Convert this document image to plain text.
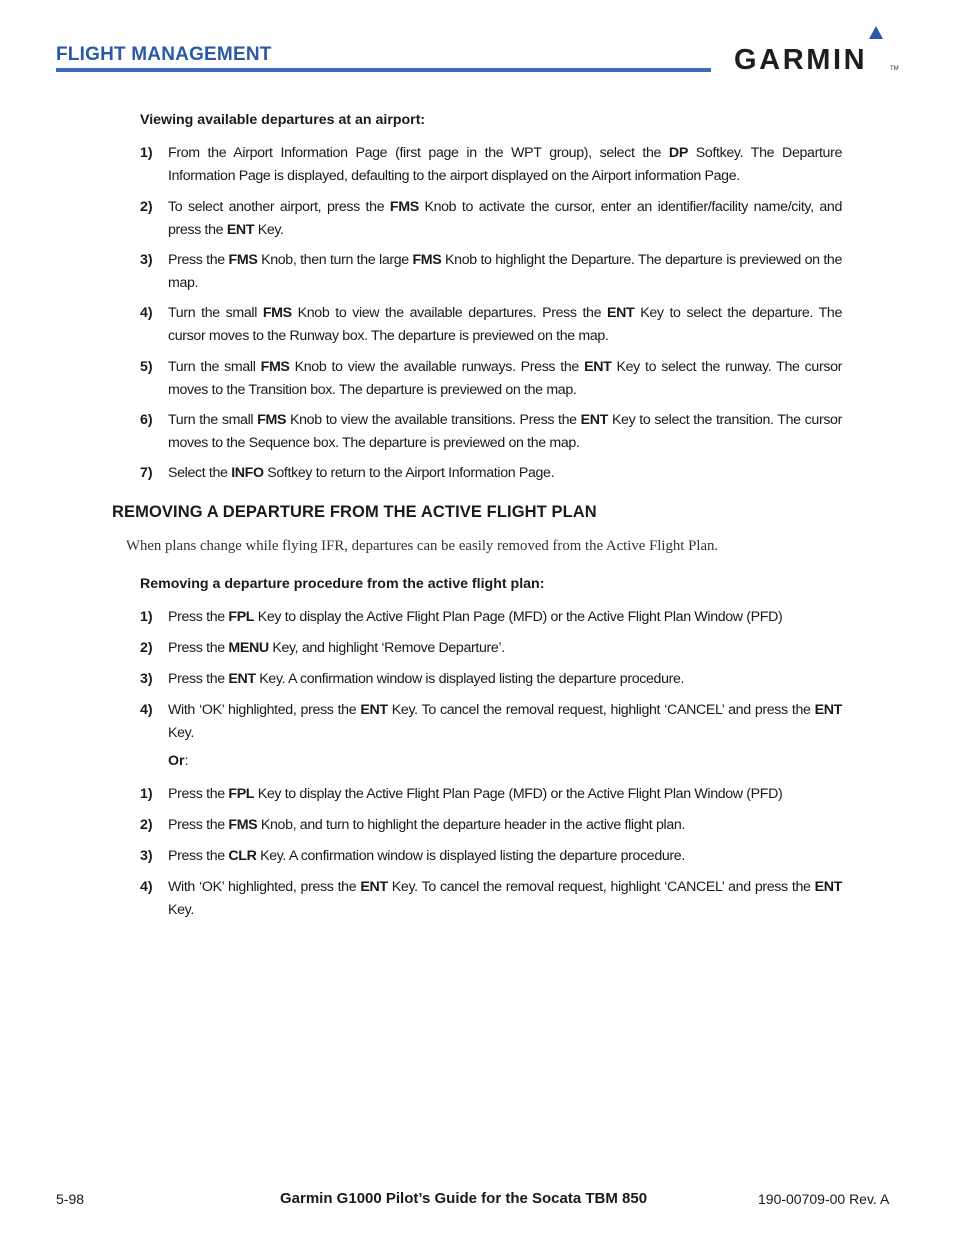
FLIGHT MANAGEMENT	GARMIN	TM
Viewing available departures at an airport:
1)	From the Airport Information Page (first page in the WPT group), select the DP Softkey. The Departure Information Page is displayed, defaulting to the airport displayed on the Airport information Page.
2)	To select another airport, press the FMS Knob to activate the cursor, enter an identifier/facility name/city, and press the ENT Key.
3)	Press the FMS Knob, then turn the large FMS Knob to highlight the Departure. The departure is previewed on the map.
4)	Turn the small FMS Knob to view the available departures. Press the ENT Key to select the departure. The cursor moves to the Runway box. The departure is previewed on the map.
5)	Turn the small FMS Knob to view the available runways. Press the ENT Key to select the runway. The cursor moves to the Transition box. The departure is previewed on the map.
6)	Turn the small FMS Knob to view the available transitions. Press the ENT Key to select the transition. The cursor moves to the Sequence box. The departure is previewed on the map.
7)	Select the INFO Softkey to return to the Airport Information Page.
REMOVING A DEPARTURE FROM THE ACTIVE FLIGHT PLAN
When plans change while flying IFR, departures can be easily removed from the Active Flight Plan.
Removing a departure procedure from the active flight plan:
1)	Press the FPL Key to display the Active Flight Plan Page (MFD) or the Active Flight Plan Window (PFD)
2)	Press the MENU Key, and highlight ‘Remove Departure’.
3)	Press the ENT Key. A confirmation window is displayed listing the departure procedure.
4)	With ‘OK’ highlighted, press the ENT Key. To cancel the removal request, highlight ‘CANCEL’ and press the ENT Key.
Or:
1)	Press the FPL Key to display the Active Flight Plan Page (MFD) or the Active Flight Plan Window (PFD)
2)	Press the FMS Knob, and turn to highlight the departure header in the active flight plan.
3)	Press the CLR Key. A confirmation window is displayed listing the departure procedure.
4)	With ‘OK’ highlighted, press the ENT Key. To cancel the removal request, highlight ‘CANCEL’ and press the ENT Key.
5-98	Garmin G1000 Pilot’s Guide for the Socata TBM 850	190-00709-00 Rev. A
